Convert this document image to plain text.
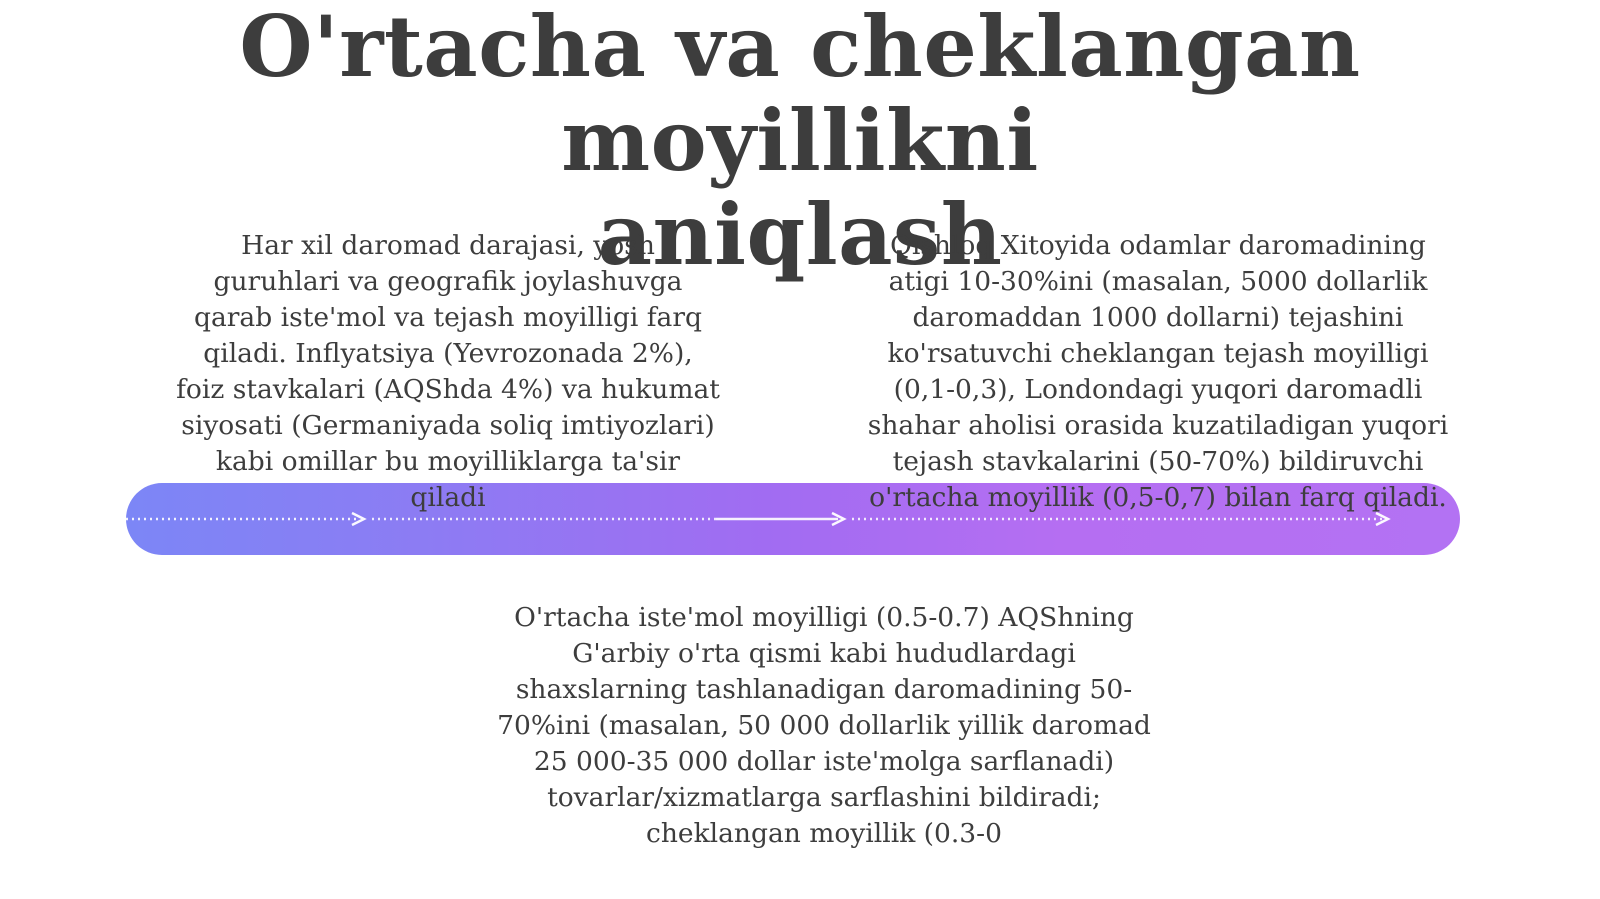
O'rtacha va cheklangan moyillikni
aniqlash
Har xil daromad darajasi, yosh
guruhlari va geografik joylashuvga
qarab iste'mol va tejash moyilligi farq
qiladi. Inflyatsiya (Yevrozonada 2%),
foiz stavkalari (AQShda 4%) va hukumat
siyosati (Germaniyada soliq imtiyozlari)
kabi omillar bu moyilliklarga ta'sir
qiladi
Qishloq Xitoyida odamlar daromadining
atigi 10-30%ini (masalan, 5000 dollarlik
daromaddan 1000 dollarni) tejashini
ko'rsatuvchi cheklangan tejash moyilligi
(0,1-0,3), Londondagi yuqori daromadli
shahar aholisi orasida kuzatiladigan yuqori
tejash stavkalarini (50-70%) bildiruvchi
o'rtacha moyillik (0,5-0,7) bilan farq qiladi.
O'rtacha iste'mol moyilligi (0.5-0.7) AQShning
G'arbiy o'rta qismi kabi hududlardagi
shaxslarning tashlanadigan daromadining 50-
70%ini (masalan, 50 000 dollarlik yillik daromad
25 000-35 000 dollar iste'molga sarflanadi)
tovarlar/xizmatlarga sarflashini bildiradi;
cheklangan moyillik (0.3-0
